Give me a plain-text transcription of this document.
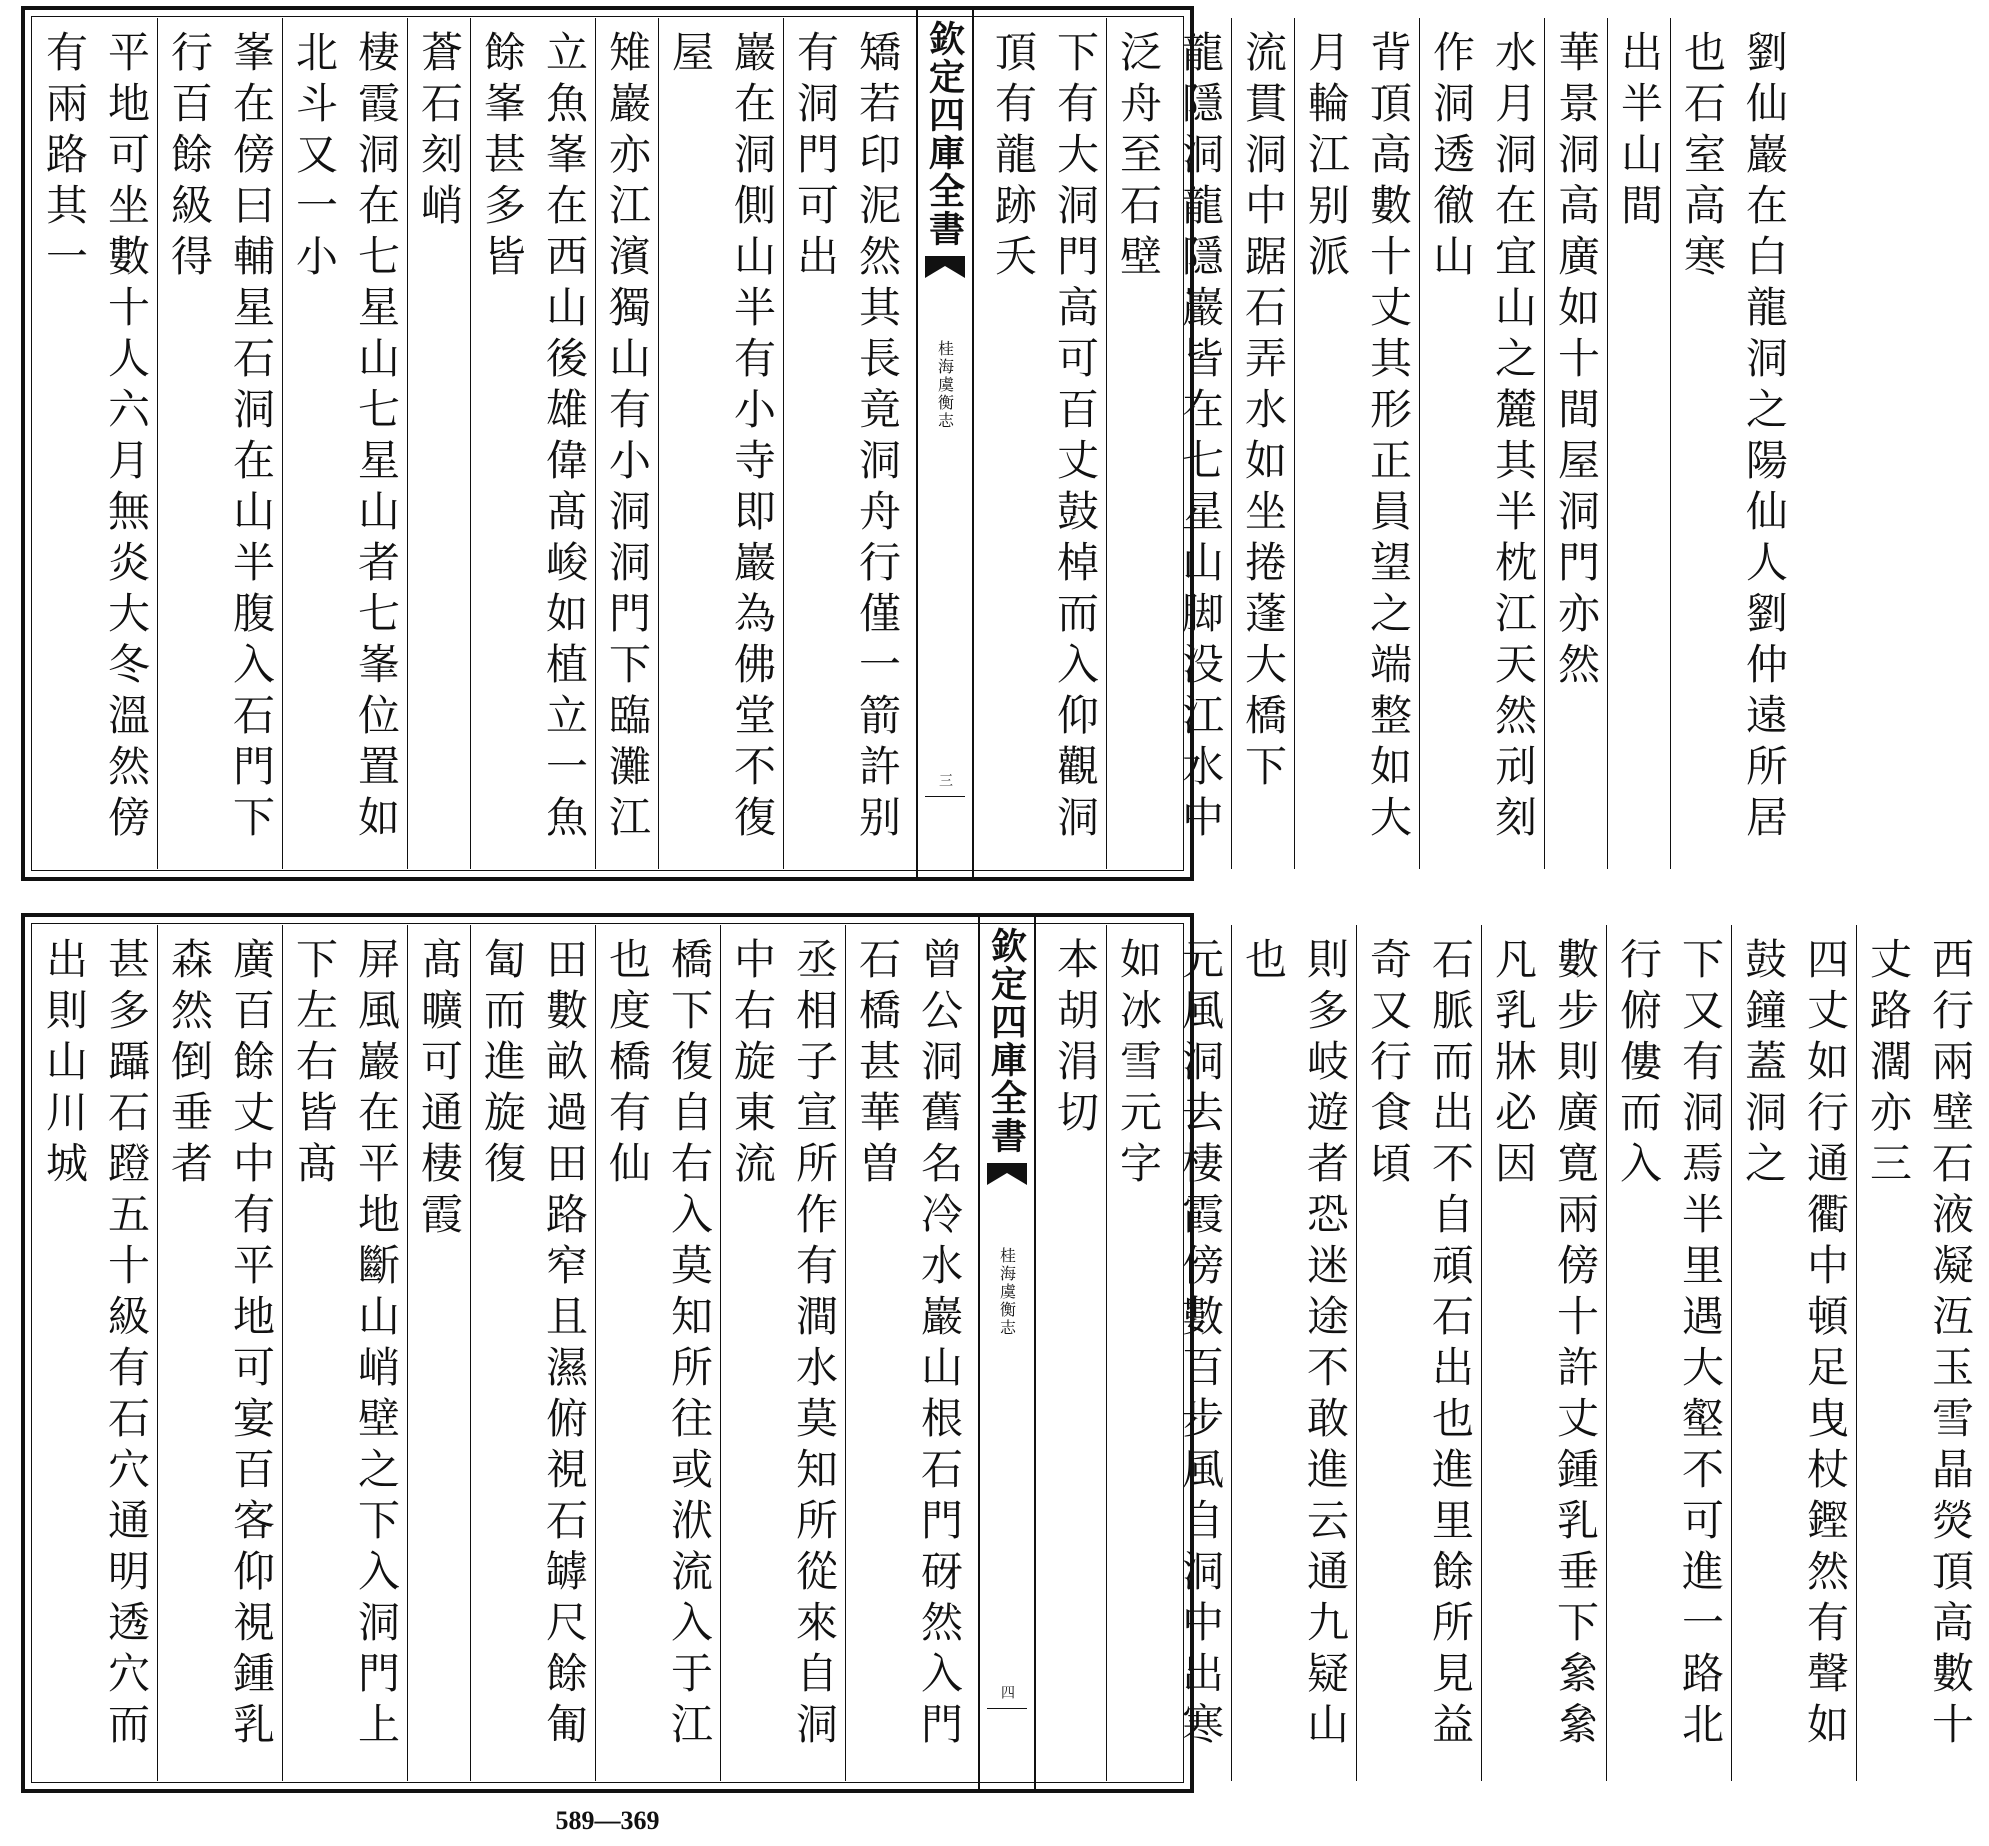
矯若印泥然其長竟洞舟行僅一箭許别有洞門可出
巖在洞側山半有小寺即巖為佛堂不復屋
雉巖亦江濱獨山有小洞洞門下臨灘江
立魚峯在西山後雄偉髙峻如植立一魚餘峯甚多皆
蒼石刻峭
棲霞洞在七星山七星山者七峯位置如北斗又一小
峯在傍曰輔星石洞在山半腹入石門下行百餘級得
平地可坐數十人六月無炎大冬溫然傍有兩路其一	欽定四庫全書
桂海虞衡志
三	劉仙巖在白龍洞之陽仙人劉仲遠所居也石室高寒
出半山間
華景洞高廣如十間屋洞門亦然
水月洞在宜山之麓其半枕江天然刓刻作洞透徹山
背頂高數十丈其形正員望之端整如大月輪江别派
流貫洞中踞石弄水如坐捲蓬大橋下
龍隱洞龍隱巖皆在七星山脚没江水中泛舟至石壁
下有大洞門高可百丈鼓棹而入仰觀洞頂有龍跡夭
曾公洞舊名冷水巖山根石門砑然入門石橋甚華曽
丞相子宣所作有澗水莫知所從來自洞中右旋東流
橋下復自右入莫知所往或洑流入于江也度橋有仙
田數畝過田路窄且濕俯視石罅尺餘匍匐而進旋復
髙曠可通棲霞
屏風巖在平地斷山峭壁之下入洞門上下左右皆髙
廣百餘丈中有平地可宴百客仰視鍾乳森然倒垂者
甚多躡石蹬五十級有石穴通明透穴而出則山川城	欽定四庫全書
桂海虞衡志
四	西行兩壁石液凝沍玉雪晶熒頂高數十丈路濶亦三
四丈如行通衢中頓足曳杖鏗然有聲如鼓鐘蓋洞之
下又有洞焉半里遇大壑不可進一路北行俯僂而入
數步則廣寛兩傍十許丈鍾乳垂下絫絫凡乳牀必因
石脈而出不自頑石出也進里餘所見益奇又行食頃
則多岐遊者恐迷途不敢進云通九疑山也
元風洞去棲霞傍數百步風自洞中出寒如冰雪元字
本胡涓切
589—369
